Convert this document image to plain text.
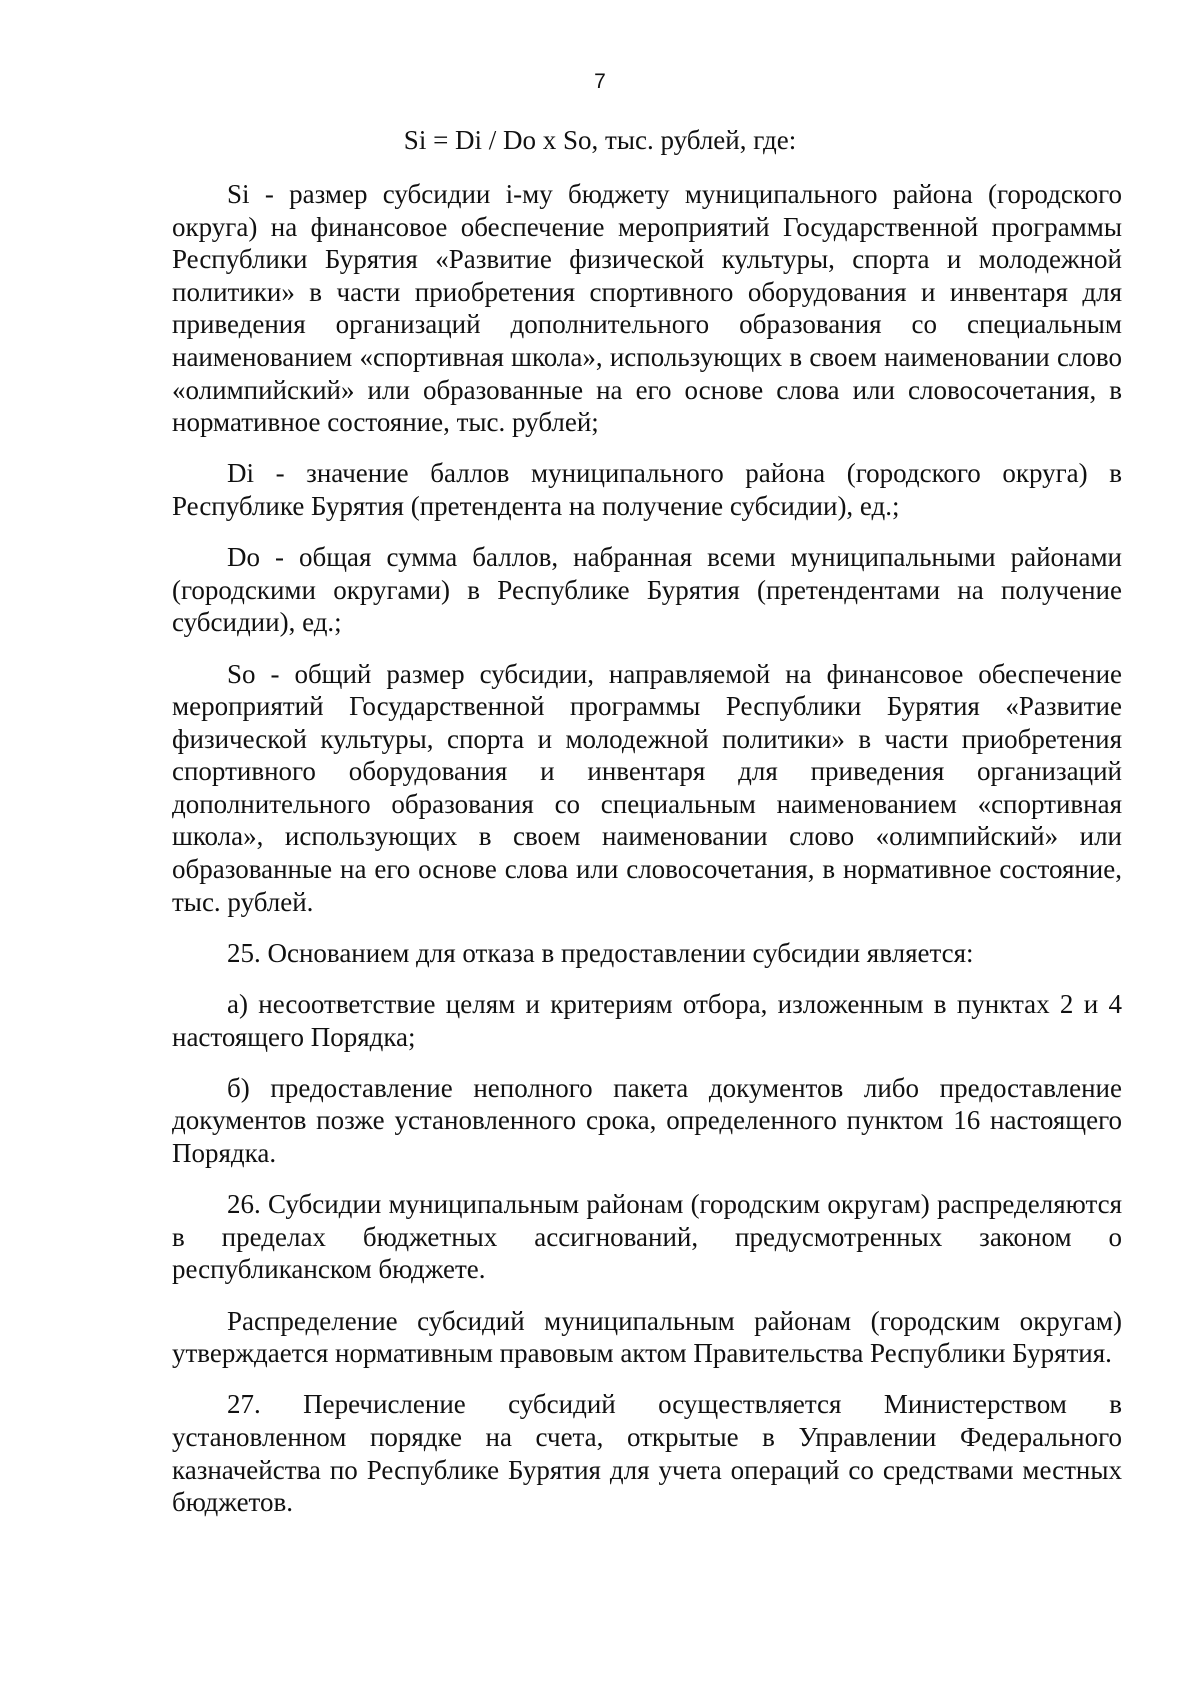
7
Si = Di / Do x So, тыс. рублей, где:

Si - размер субсидии i-му бюджету муниципального района (городского округа) на финансовое обеспечение мероприятий Государственной программы Республики Бурятия «Развитие физической культуры, спорта и молодежной политики» в части приобретения спортивного оборудования и инвентаря для приведения организаций дополнительного образования со специальным наименованием «спортивная школа», использующих в своем наименовании слово «олимпийский» или образованные на его основе слова или словосочетания, в нормативное состояние, тыс. рублей;

Di - значение баллов муниципального района (городского округа) в Республике Бурятия (претендента на получение субсидии), ед.;

Do - общая сумма баллов, набранная всеми муниципальными районами (городскими округами) в Республике Бурятия (претендентами на получение субсидии), ед.;

So - общий размер субсидии, направляемой на финансовое обеспечение мероприятий Государственной программы Республики Бурятия «Развитие физической культуры, спорта и молодежной политики» в части приобретения спортивного оборудования и инвентаря для приведения организаций дополнительного образования со специальным наименованием «спортивная школа», использующих в своем наименовании слово «олимпийский» или образованные на его основе слова или словосочетания, в нормативное состояние, тыс. рублей.

25. Основанием для отказа в предоставлении субсидии является:

а) несоответствие целям и критериям отбора, изложенным в пунктах 2 и 4 настоящего Порядка;

б) предоставление неполного пакета документов либо предоставление документов позже установленного срока, определенного пунктом 16 настоящего Порядка.

26. Субсидии муниципальным районам (городским округам) распределяются в пределах бюджетных ассигнований, предусмотренных законом о республиканском бюджете.

Распределение субсидий муниципальным районам (городским округам) утверждается нормативным правовым актом Правительства Республики Бурятия.

27. Перечисление субсидий осуществляется Министерством в установленном порядке на счета, открытые в Управлении Федерального казначейства по Республике Бурятия для учета операций со средствами местных бюджетов.
